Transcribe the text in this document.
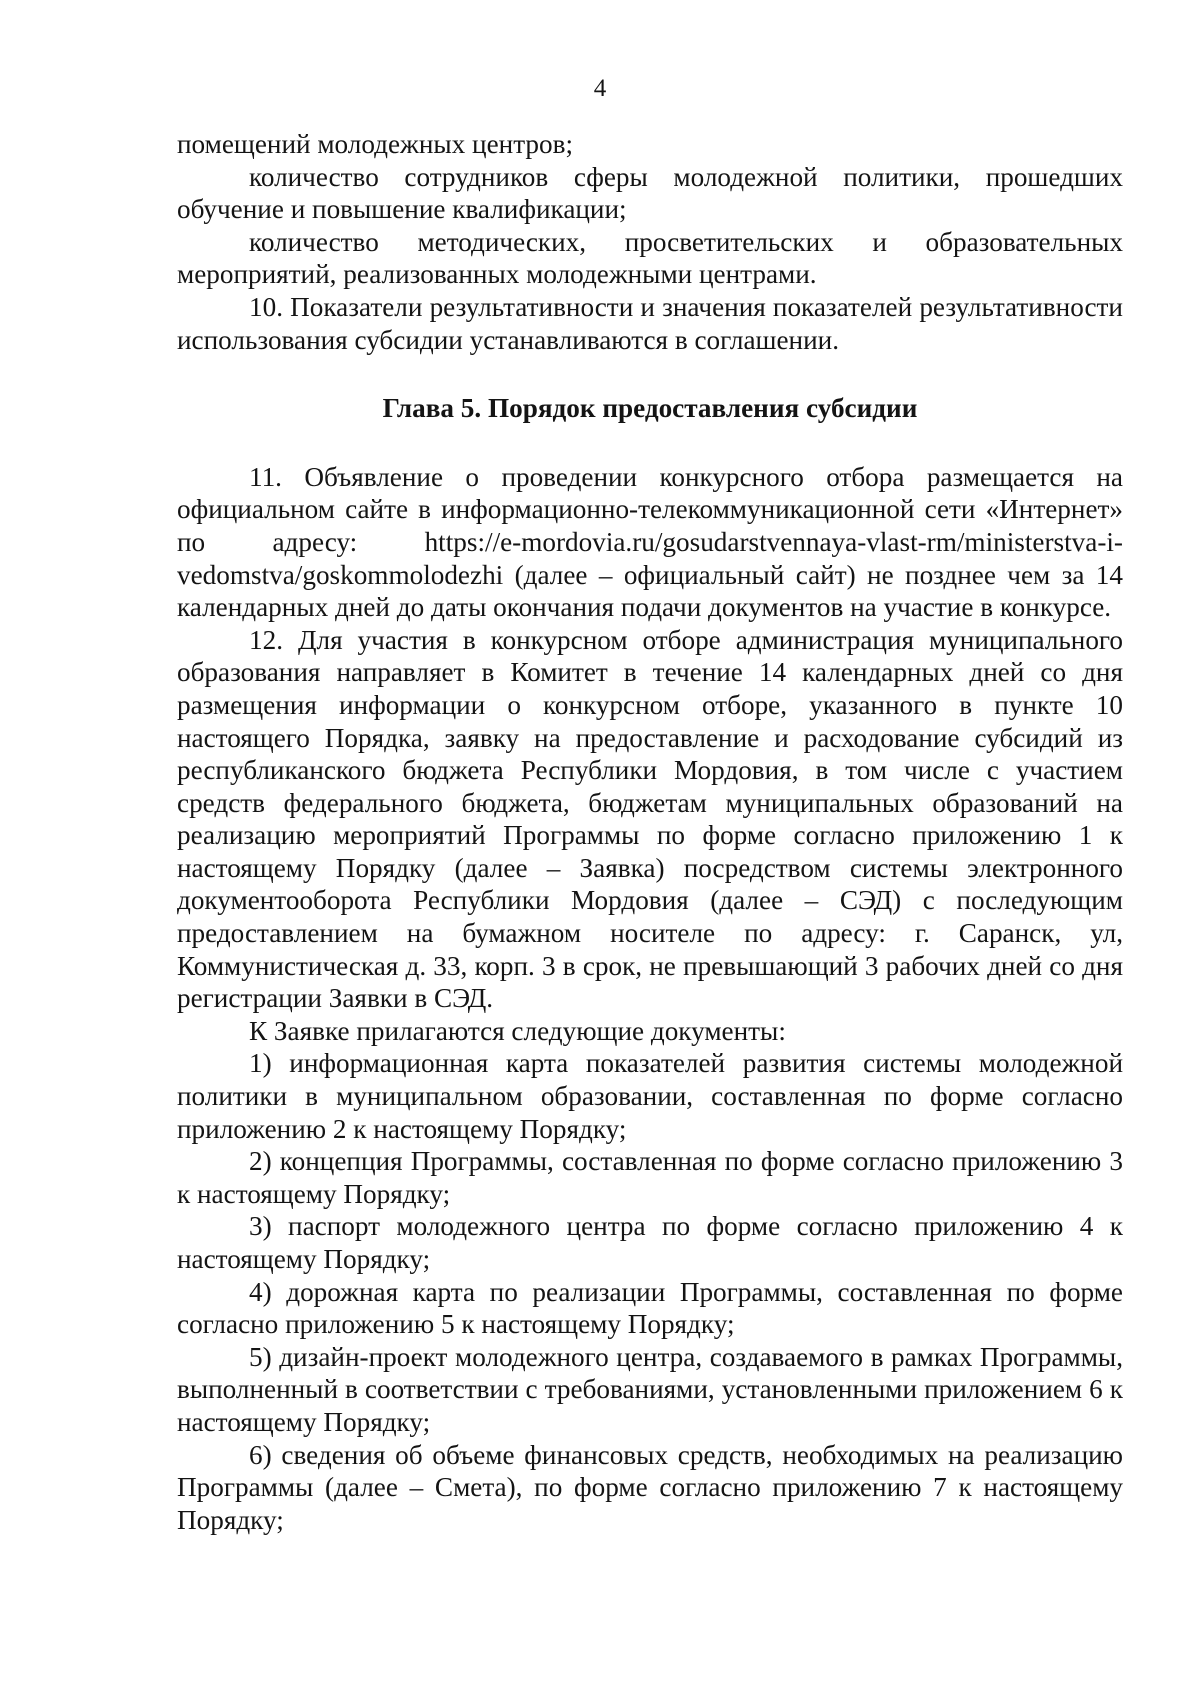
4

помещений молодежных центров;

количество сотрудников сферы молодежной политики, прошедших обучение и повышение квалификации;

количество методических, просветительских и образовательных мероприятий, реализованных молодежными центрами.

10. Показатели результативности и значения показателей результативности использования субсидии устанавливаются в соглашении.

Глава 5. Порядок предоставления субсидии

11. Объявление о проведении конкурсного отбора размещается на официальном сайте в информационно-телекоммуникационной сети «Интернет» по адресу: https://e-mordovia.ru/gosudarstvennaya-vlast-rm/ministerstva-i-vedomstva/goskommolodezhi (далее – официальный сайт) не позднее чем за 14 календарных дней до даты окончания подачи документов на участие в конкурсе.

12. Для участия в конкурсном отборе администрация муниципального образования направляет в Комитет в течение 14 календарных дней со дня размещения информации о конкурсном отборе, указанного в пункте 10 настоящего Порядка, заявку на предоставление и расходование субсидий из республиканского бюджета Республики Мордовия, в том числе с участием средств федерального бюджета, бюджетам муниципальных образований на реализацию мероприятий Программы по форме согласно приложению 1 к настоящему Порядку (далее – Заявка) посредством системы электронного документооборота Республики Мордовия (далее – СЭД) с последующим предоставлением на бумажном носителе по адресу: г. Саранск, ул, Коммунистическая д. 33, корп. 3 в срок, не превышающий 3 рабочих дней со дня регистрации Заявки в СЭД.

К Заявке прилагаются следующие документы:

1) информационная карта показателей развития системы молодежной политики в муниципальном образовании, составленная по форме согласно приложению 2 к настоящему Порядку;

2) концепция Программы, составленная по форме согласно приложению 3 к настоящему Порядку;

3) паспорт молодежного центра по форме согласно приложению 4 к настоящему Порядку;

4) дорожная карта по реализации Программы, составленная по форме согласно приложению 5 к настоящему Порядку;

5) дизайн-проект молодежного центра, создаваемого в рамках Программы, выполненный в соответствии с требованиями, установленными приложением 6 к настоящему Порядку;

6) сведения об объеме финансовых средств, необходимых на реализацию Программы (далее – Смета), по форме согласно приложению 7 к настоящему Порядку;
